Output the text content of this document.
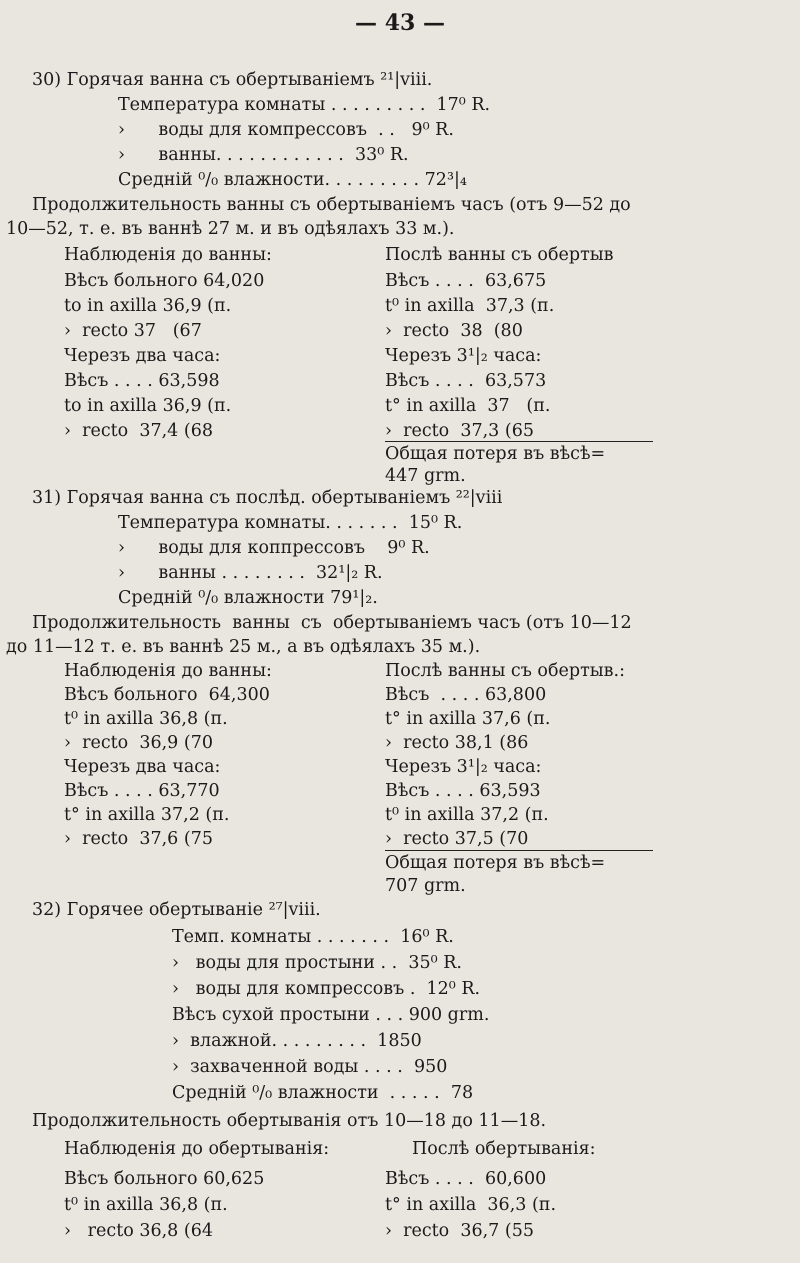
— 43 —
30) Горячая ванна съ обертываніемъ ²¹|viii.
Температура комнаты . . . . . . . . .  17⁰ R.
›      воды для компрессовъ  . .   9⁰ R.
›      ванны. . . . . . . . . . . .  33⁰ R.
Средній ⁰/₀ влажности. . . . . . . . . 72³|₄
Продолжительность ванны съ обертываніемъ часъ (отъ 9—52 до
10—52, т. е. въ ваннѣ 27 м. и въ одѣялахъ 33 м.).
Наблюденія до ванны:
Вѣсъ больного 64,020
to in axilla 36,9 (п.
›  recto 37   (67
Черезъ два часа:
Вѣсъ . . . . 63,598
to in axilla 36,9 (п.
›  recto  37,4 (68
Послѣ ванны съ обертыв
Вѣсъ . . . .  63,675
t⁰ in axilla  37,3 (п.
›  recto  38  (80
Черезъ 3¹|₂ часа:
Вѣсъ . . . .  63,573
t° in axilla  37   (п.
›  recto  37,3 (65
Общая потеря въ вѣсѣ=
447 grm.
31) Горячая ванна съ послѣд. обертываніемъ ²²|viii
Температура комнаты. . . . . . .  15⁰ R.
›      воды для коппрессовъ    9⁰ R.
›      ванны . . . . . . . .  32¹|₂ R.
Средній ⁰/₀ влажности 79¹|₂.
Продолжительность  ванны  съ  обертываніемъ часъ (отъ 10—12
до 11—12 т. е. въ ваннѣ 25 м., а въ одѣялахъ 35 м.).
Наблюденія до ванны:
Вѣсъ больного  64,300
t⁰ in axilla 36,8 (п.
›  recto  36,9 (70
Черезъ два часа:
Вѣсъ . . . . 63,770
t° in axilla 37,2 (п.
›  recto  37,6 (75
Послѣ ванны съ обертыв.:
Вѣсъ  . . . . 63,800
t° in axilla 37,6 (п.
›  recto 38,1 (86
Черезъ 3¹|₂ часа:
Вѣсъ . . . . 63,593
t⁰ in axilla 37,2 (п.
›  recto 37,5 (70
Общая потеря въ вѣсѣ=
707 grm.
32) Горячее обертываніе ²⁷|viii.
Темп. комнаты . . . . . . .  16⁰ R.
›   воды для простыни . .  35⁰ R.
›   воды для компрессовъ .  12⁰ R.
Вѣсъ сухой простыни . . . 900 grm.
›  влажной. . . . . . . . .  1850
›  захваченной воды . . . .  950
Средній ⁰/₀ влажности  . . . . .  78
Продолжительность обертыванія отъ 10—18 до 11—18.
Наблюденія до обертыванія:
Вѣсъ больного 60,625
t⁰ in axilla 36,8 (п.
›   recto 36,8 (64
Послѣ обертыванія:
Вѣсъ . . . .  60,600
t° in axilla  36,3 (п.
›  recto  36,7 (55
